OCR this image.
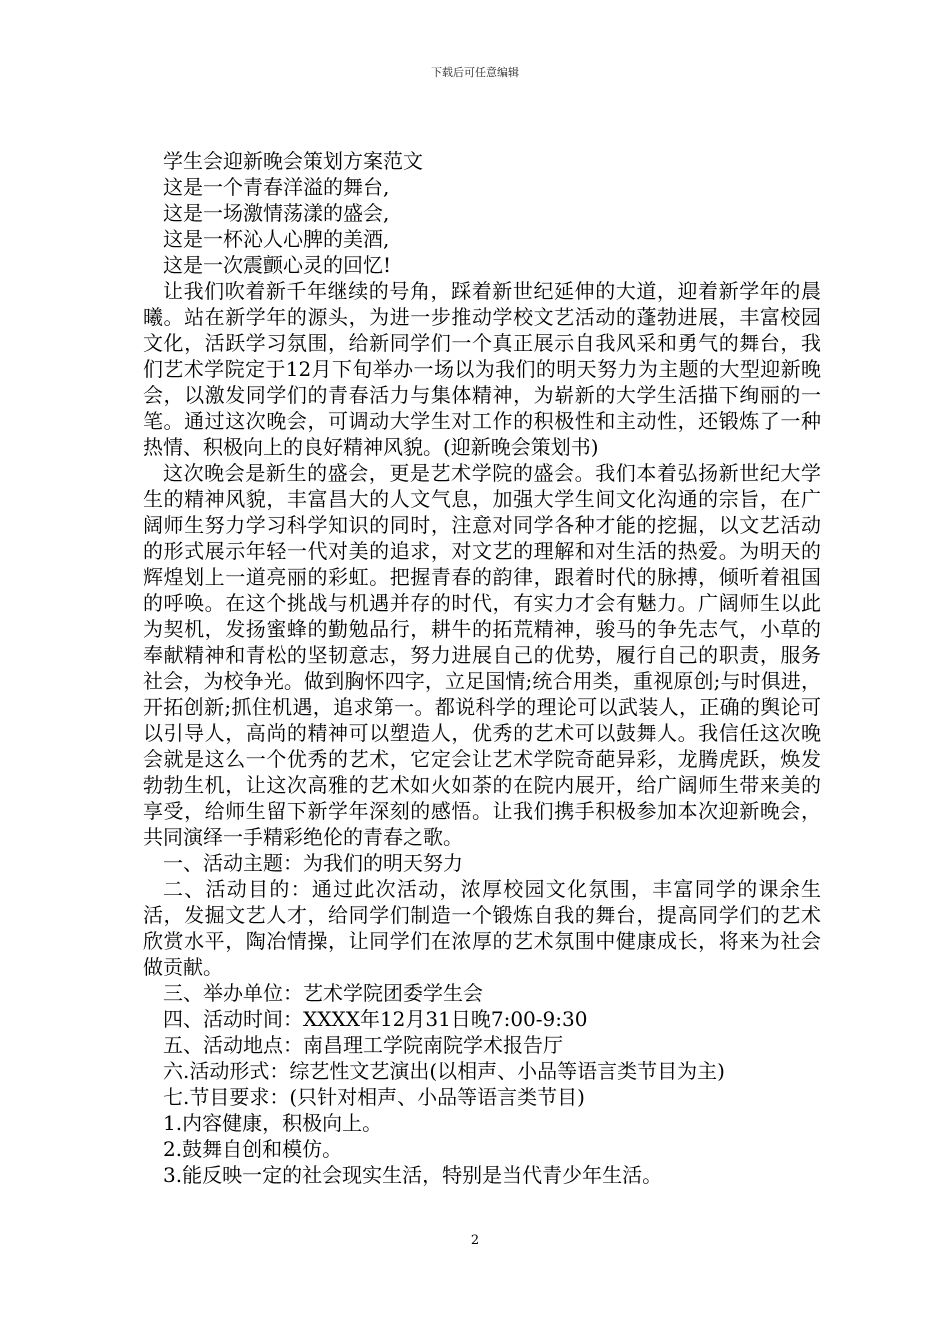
下载后可任意编辑

学生会迎新晚会策划方案范文

这是一个青春洋溢的舞台,

这是一场激情荡漾的盛会,

这是一杯沁人心脾的美酒,

这是一次震颤心灵的回忆!

让我们吹着新千年继续的号角，踩着新世纪延伸的大道，迎着新学年的晨曦。站在新学年的源头，为进一步推动学校文艺活动的蓬勃进展，丰富校园文化，活跃学习氛围，给新同学们一个真正展示自我风采和勇气的舞台，我们艺术学院定于12月下旬举办一场以为我们的明天努力为主题的大型迎新晚会，以激发同学们的青春活力与集体精神，为崭新的大学生活描下绚丽的一笔。通过这次晚会，可调动大学生对工作的积极性和主动性，还锻炼了一种热情、积极向上的良好精神风貌。(迎新晚会策划书)

这次晚会是新生的盛会，更是艺术学院的盛会。我们本着弘扬新世纪大学生的精神风貌，丰富昌大的人文气息，加强大学生间文化沟通的宗旨，在广阔师生努力学习科学知识的同时，注意对同学各种才能的挖掘，以文艺活动的形式展示年轻一代对美的追求，对文艺的理解和对生活的热爱。为明天的辉煌划上一道亮丽的彩虹。把握青春的韵律，跟着时代的脉搏，倾听着祖国的呼唤。在这个挑战与机遇并存的时代，有实力才会有魅力。广阔师生以此为契机，发扬蜜蜂的勤勉品行，耕牛的拓荒精神，骏马的争先志气，小草的奉献精神和青松的坚韧意志，努力进展自己的优势，履行自己的职责，服务社会，为校争光。做到胸怀四字，立足国情;统合用类，重视原创;与时俱进，开拓创新;抓住机遇，追求第一。都说科学的理论可以武装人，正确的舆论可以引导人，高尚的精神可以塑造人，优秀的艺术可以鼓舞人。我信任这次晚会就是这么一个优秀的艺术，它定会让艺术学院奇葩异彩，龙腾虎跃，焕发勃勃生机，让这次高雅的艺术如火如荼的在院内展开，给广阔师生带来美的享受，给师生留下新学年深刻的感悟。让我们携手积极参加本次迎新晚会，共同演绎一手精彩绝伦的青春之歌。

一、活动主题：为我们的明天努力

二、活动目的：通过此次活动，浓厚校园文化氛围，丰富同学的课余生活，发掘文艺人才，给同学们制造一个锻炼自我的舞台，提高同学们的艺术欣赏水平，陶冶情操，让同学们在浓厚的艺术氛围中健康成长，将来为社会做贡献。

三、举办单位：艺术学院团委学生会

四、活动时间：XXXX年12月31日晚7:00-9:30

五、活动地点：南昌理工学院南院学术报告厅

六.活动形式：综艺性文艺演出(以相声、小品等语言类节目为主)

七.节目要求：(只针对相声、小品等语言类节目)

1.内容健康，积极向上。

2.鼓舞自创和模仿。

3.能反映一定的社会现实生活，特别是当代青少年生活。

2
